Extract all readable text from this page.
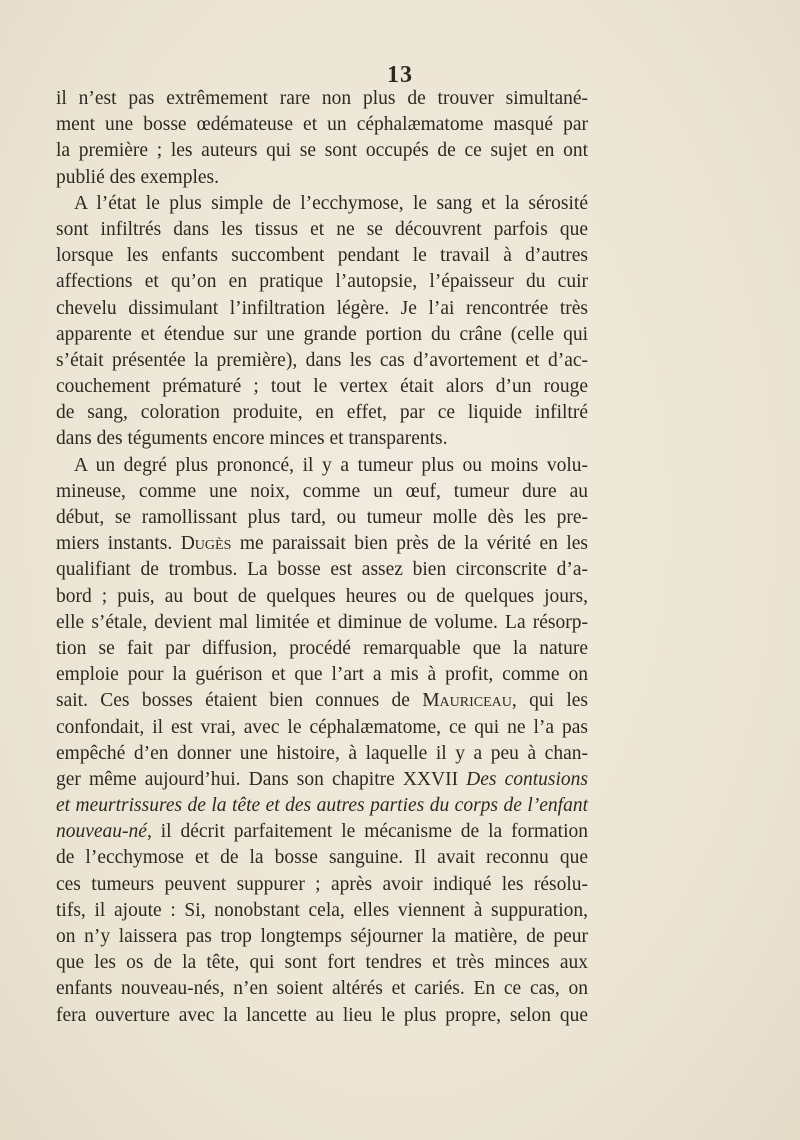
13
il n’est pas extrêmement rare non plus de trouver simultané-
ment une bosse œdémateuse et un céphalæmatome masqué par
la première ; les auteurs qui se sont occupés de ce sujet en ont
publié des exemples.
A l’état le plus simple de l’ecchymose, le sang et la sérosité
sont infiltrés dans les tissus et ne se découvrent parfois que
lorsque les enfants succombent pendant le travail à d’autres
affections et qu’on en pratique l’autopsie, l’épaisseur du cuir
chevelu dissimulant l’infiltration légère. Je l’ai rencontrée très
apparente et étendue sur une grande portion du crâne (celle qui
s’était présentée la première), dans les cas d’avortement et d’ac-
couchement prématuré ; tout le vertex était alors d’un rouge
de sang, coloration produite, en effet, par ce liquide infiltré
dans des téguments encore minces et transparents.
A un degré plus prononcé, il y a tumeur plus ou moins volu-
mineuse, comme une noix, comme un œuf, tumeur dure au
début, se ramollissant plus tard, ou tumeur molle dès les pre-
miers instants. Dugès me paraissait bien près de la vérité en les
qualifiant de trombus. La bosse est assez bien circonscrite d’a-
bord ; puis, au bout de quelques heures ou de quelques jours,
elle s’étale, devient mal limitée et diminue de volume. La résorp-
tion se fait par diffusion, procédé remarquable que la nature
emploie pour la guérison et que l’art a mis à profit, comme on
sait. Ces bosses étaient bien connues de Mauriceau, qui les
confondait, il est vrai, avec le céphalæmatome, ce qui ne l’a pas
empêché d’en donner une histoire, à laquelle il y a peu à chan-
ger même aujourd’hui. Dans son chapitre XXVII Des contusions
et meurtrissures de la tête et des autres parties du corps de l’enfant
nouveau-né, il décrit parfaitement le mécanisme de la formation
de l’ecchymose et de la bosse sanguine. Il avait reconnu que
ces tumeurs peuvent suppurer ; après avoir indiqué les résolu-
tifs, il ajoute : Si, nonobstant cela, elles viennent à suppuration,
on n’y laissera pas trop longtemps séjourner la matière, de peur
que les os de la tête, qui sont fort tendres et très minces aux
enfants nouveau-nés, n’en soient altérés et cariés. En ce cas, on
fera ouverture avec la lancette au lieu le plus propre, selon que
